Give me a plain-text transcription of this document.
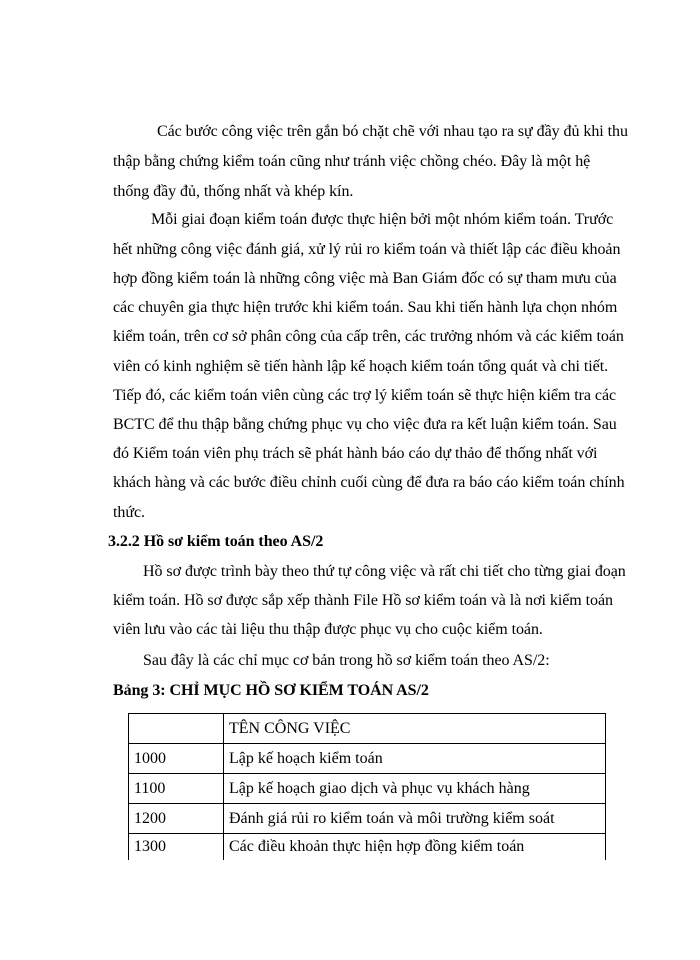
Các bước công việc trên gắn bó chặt chẽ với nhau tạo ra sự đầy đủ khi thu
thập bằng chứng kiểm toán cũng như tránh việc chồng chéo. Đây là một hệ
thống đầy đủ, thống nhất và khép kín.
Mỗi giai đoạn kiểm toán được thực hiện bởi một nhóm kiểm toán. Trước
hết những công việc đánh giá, xử lý rủi ro kiểm toán và thiết lập các điều khoản
hợp đồng kiểm toán là những công việc mà Ban Giám đốc có sự tham mưu của
các chuyên gia thực hiện trước khi kiểm toán. Sau khi tiến hành lựa chọn nhóm
kiểm toán, trên cơ sở phân công của cấp trên, các trưởng nhóm và các kiểm toán
viên có kinh nghiệm sẽ tiến hành lập kế hoạch kiểm toán tổng quát và chi tiết.
Tiếp đó, các kiểm toán viên cùng các trợ lý kiểm toán sẽ thực hiện kiểm tra các
BCTC để thu thập bằng chứng phục vụ cho việc đưa ra kết luận kiểm toán. Sau
đó Kiểm toán viên phụ trách sẽ phát hành báo cáo dự thảo để thống nhất với
khách hàng và các bước điều chỉnh cuối cùng để đưa ra báo cáo kiểm toán chính
thức.
3.2.2 Hồ sơ kiểm toán theo AS/2
Hồ sơ được trình bày theo thứ tự công việc và rất chi tiết cho từng giai đoạn
kiểm toán. Hồ sơ được sắp xếp thành File Hồ sơ kiểm toán và là nơi kiểm toán
viên lưu vào các tài liệu thu thập được phục vụ cho cuộc kiểm toán.
Sau đây là các chỉ mục cơ bản trong hồ sơ kiểm toán theo AS/2:
Bảng 3: CHỈ MỤC HỒ SƠ KIỂM TOÁN AS/2
	TÊN CÔNG VIỆC
1000	Lập kế hoạch kiểm toán
1100	Lập kế hoạch giao dịch và phục vụ khách hàng
1200	Đánh giá rủi ro kiểm toán và môi trường kiểm soát
1300	Các điều khoản thực hiện hợp đồng kiểm toán
